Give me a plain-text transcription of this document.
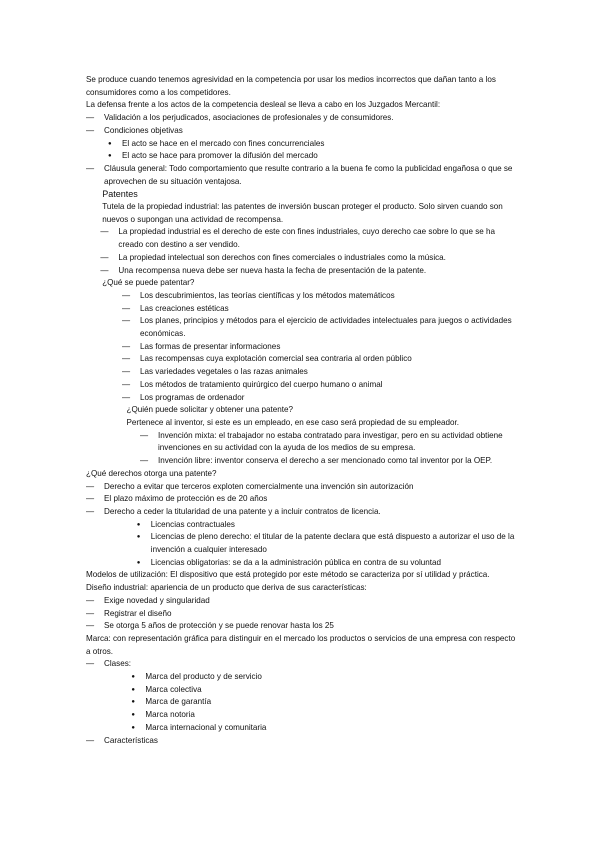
Se produce cuando tenemos agresividad en la competencia por usar los medios incorrectos que dañan tanto a los consumidores como a los competidores.
La defensa frente a los actos de la competencia desleal se lleva a cabo en los Juzgados Mercantil:
— Validación a los perjudicados, asociaciones de profesionales y de consumidores.
— Condiciones objetivas
● El acto se hace en el mercado con fines concurrenciales
● El acto se hace para promover la difusión del mercado
— Cláusula general: Todo comportamiento que resulte contrario a la buena fe como la publicidad engañosa o que se aprovechen de su situación ventajosa.
Patentes
Tutela de la propiedad industrial: las patentes de inversión buscan proteger el producto. Solo sirven cuando son nuevos o supongan una actividad de recompensa.
— La propiedad industrial es el derecho de este con fines industriales, cuyo derecho cae sobre lo que se ha creado con destino a ser vendido.
— La propiedad intelectual son derechos con fines comerciales o industriales como la música.
— Una recompensa nueva debe ser nueva hasta la fecha de presentación de la patente.
¿Qué se puede patentar?
— Los descubrimientos, las teorías científicas y los métodos matemáticos
— Las creaciones estéticas
— Los planes, principios y métodos para el ejercicio de actividades intelectuales para juegos o actividades económicas.
— Las formas de presentar informaciones
— Las recompensas cuya explotación comercial sea contraria al orden público
— Las variedades vegetales o las razas animales
— Los métodos de tratamiento quirúrgico del cuerpo humano o animal
— Los programas de ordenador
¿Quién puede solicitar y obtener una patente?
Pertenece al inventor, si este es un empleado, en ese caso será propiedad de su empleador.
— Invención mixta: el trabajador no estaba contratado para investigar, pero en su actividad obtiene invenciones en su actividad con la ayuda de los medios de su empresa.
— Invención libre: inventor conserva el derecho a ser mencionado como tal inventor por la OEP.
¿Qué derechos otorga una patente?
— Derecho a evitar que terceros exploten comercialmente una invención sin autorización
— El plazo máximo de protección es de 20 años
— Derecho a ceder la titularidad de una patente y a incluir contratos de licencia.
● Licencias contractuales
● Licencias de pleno derecho: el titular de la patente declara que está dispuesto a autorizar el uso de la invención a cualquier interesado
● Licencias obligatorias: se da a la administración pública en contra de su voluntad
Modelos de utilización: El dispositivo que está protegido por este método se caracteriza por sí utilidad y práctica.
Diseño industrial: apariencia de un producto que deriva de sus características:
— Exige novedad y singularidad
— Registrar el diseño
— Se otorga 5 años de protección y se puede renovar hasta los 25
Marca: con representación gráfica para distinguir en el mercado los productos o servicios de una empresa con respecto a otros.
— Clases:
● Marca del producto y de servicio
● Marca colectiva
● Marca de garantía
● Marca notoria
● Marca internacional y comunitaria
— Características
